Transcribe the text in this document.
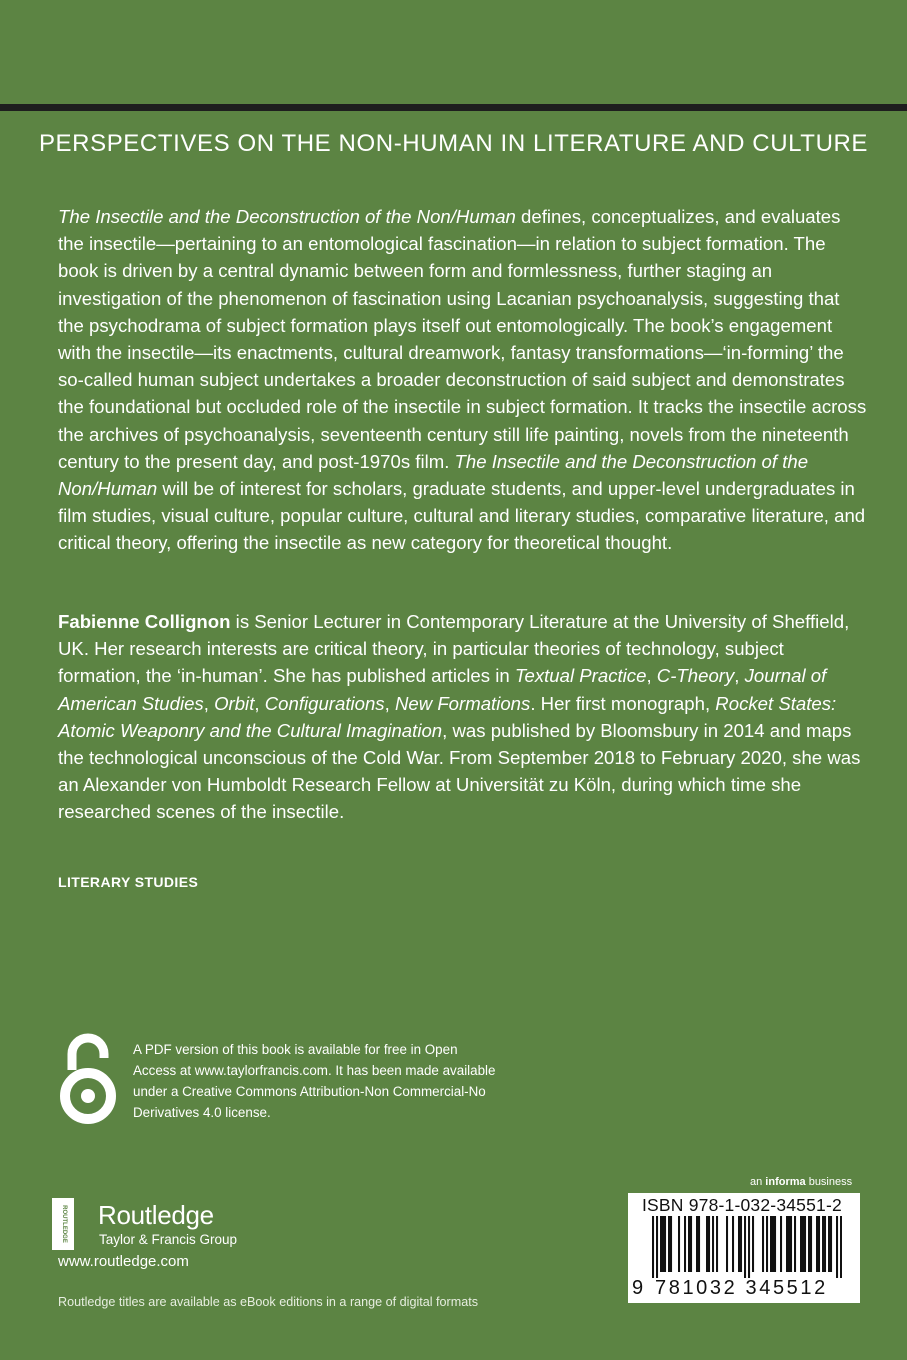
PERSPECTIVES ON THE NON-HUMAN IN LITERATURE AND CULTURE

The Insectile and the Deconstruction of the Non/Human defines, conceptualizes, and evaluates the insectile—pertaining to an entomological fascination—in relation to subject formation. The book is driven by a central dynamic between form and formlessness, further staging an investigation of the phenomenon of fascination using Lacanian psychoanalysis, suggesting that the psychodrama of subject formation plays itself out entomologically. The book’s engagement with the insectile—its enactments, cultural dreamwork, fantasy transformations—‘in-forming’ the so-called human subject undertakes a broader deconstruction of said subject and demonstrates the foundational but occluded role of the insectile in subject formation. It tracks the insectile across the archives of psychoanalysis, seventeenth century still life painting, novels from the nineteenth century to the present day, and post-1970s film. The Insectile and the Deconstruction of the Non/Human will be of interest for scholars, graduate students, and upper-level undergraduates in film studies, visual culture, popular culture, cultural and literary studies, comparative literature, and critical theory, offering the insectile as new category for theoretical thought.

Fabienne Collignon is Senior Lecturer in Contemporary Literature at the University of Sheffield, UK. Her research interests are critical theory, in particular theories of technology, subject formation, the ‘in-human’. She has published articles in Textual Practice, C-Theory, Journal of American Studies, Orbit, Configurations, New Formations. Her first monograph, Rocket States: Atomic Weaponry and the Cultural Imagination, was published by Bloomsbury in 2014 and maps the technological unconscious of the Cold War. From September 2018 to February 2020, she was an Alexander von Humboldt Research Fellow at Universität zu Köln, during which time she researched scenes of the insectile.

LITERARY STUDIES
A PDF version of this book is available for free in Open Access at www.taylorfrancis.com. It has been made available under a Creative Commons Attribution-Non Commercial-No Derivatives 4.0 license.
ROUTLEDGE Routledge
Taylor & Francis Group
www.routledge.com
Routledge titles are available as eBook editions in a range of digital formats
an informa business
ISBN 978-1-032-34551-2
9 781032 345512
